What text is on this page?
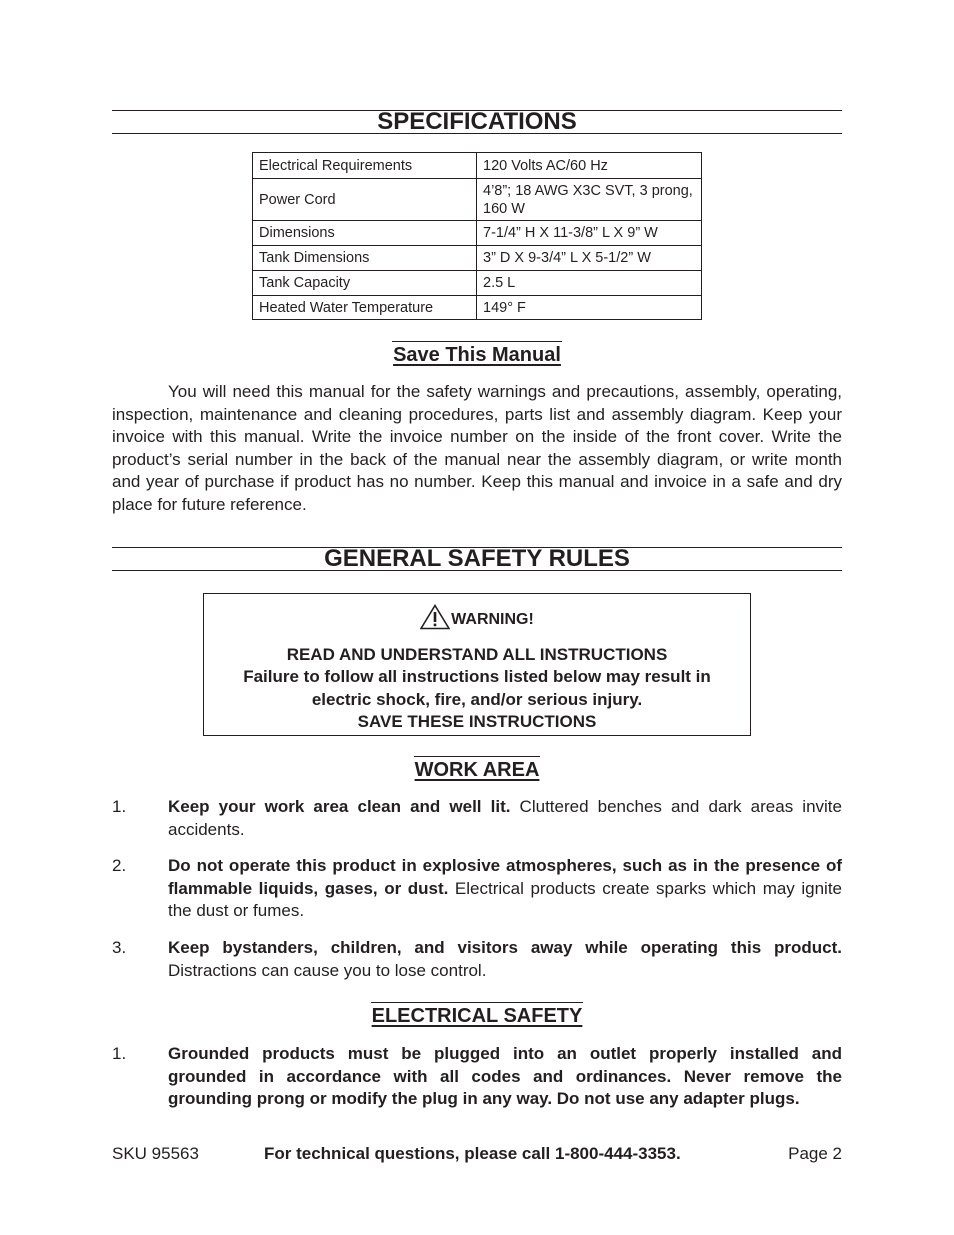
SPECIFICATIONS
Electrical Requirements	120 Volts AC/60 Hz
Power Cord	4’8”; 18 AWG X3C SVT, 3 prong, 160 W
Dimensions	7-1/4” H X 11-3/8” L X 9” W
Tank Dimensions	3” D X 9-3/4” L X 5-1/2” W
Tank Capacity	2.5 L
Heated Water Temperature	149° F
Save This Manual
You will need this manual for the safety warnings and precautions, assembly, operating, inspection, maintenance and cleaning procedures, parts list and assembly diagram. Keep your invoice with this manual. Write the invoice number on the inside of the front cover. Write the product’s serial number in the back of the manual near the assembly diagram, or write month and year of purchase if product has no number. Keep this manual and invoice in a safe and dry place for future reference.
GENERAL SAFETY RULES
WARNING!
READ AND UNDERSTAND ALL INSTRUCTIONS
Failure to follow all instructions listed below may result in
electric shock, fire, and/or serious injury.
SAVE THESE INSTRUCTIONS
WORK AREA
1. Keep your work area clean and well lit. Cluttered benches and dark areas invite accidents.
2. Do not operate this product in explosive atmospheres, such as in the presence of flammable liquids, gases, or dust. Electrical products create sparks which may ignite the dust or fumes.
3. Keep bystanders, children, and visitors away while operating this product. Distractions can cause you to lose control.
ELECTRICAL SAFETY
1. Grounded products must be plugged into an outlet properly installed and grounded in accordance with all codes and ordinances. Never remove the grounding prong or modify the plug in any way. Do not use any adapter plugs.
SKU 95563	For technical questions, please call 1-800-444-3353.	Page 2
